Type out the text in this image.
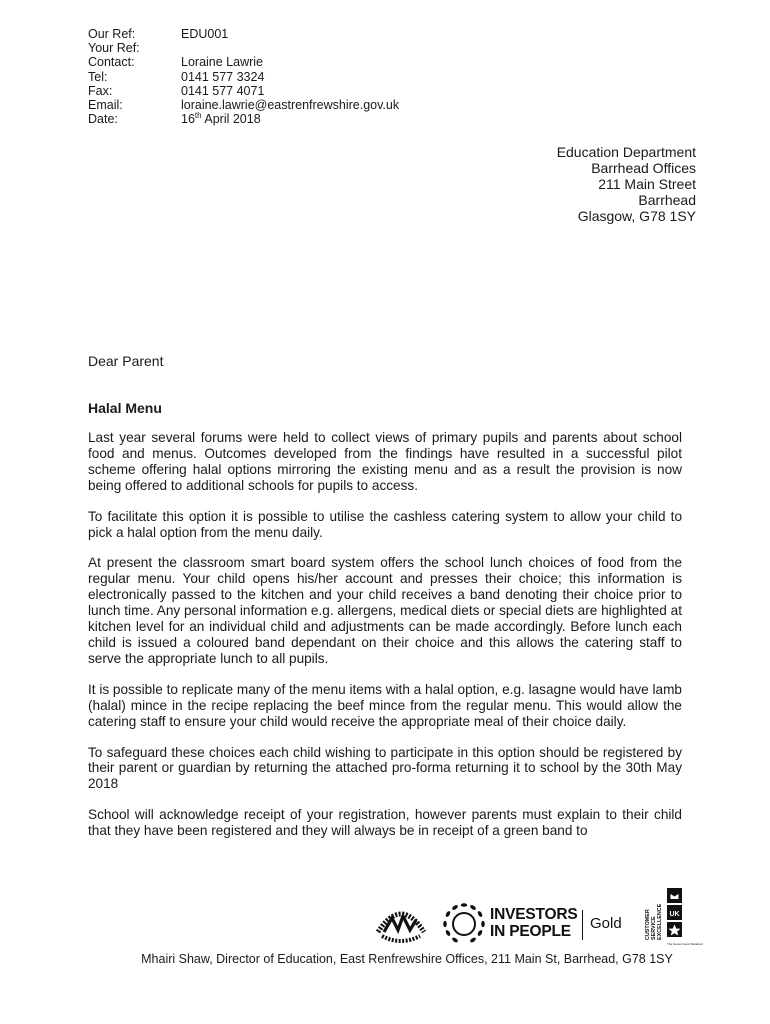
Our Ref:	EDU001
Your Ref:
Contact:	Loraine Lawrie
Tel:	0141 577 3324
Fax:	0141 577 4071
Email:	loraine.lawrie@eastrenfrewshire.gov.uk
Date:	16th April 2018
Education Department
Barrhead Offices
211 Main Street
Barrhead
Glasgow, G78 1SY
Dear Parent
Halal Menu

Last year several forums were held to collect views of primary pupils and parents about school food and menus. Outcomes developed from the findings have resulted in a successful pilot scheme offering halal options mirroring the existing menu and as a result the provision is now being offered to additional schools for pupils to access.

To facilitate this option it is possible to utilise the cashless catering system to allow your child to pick a halal option from the menu daily.

At present the classroom smart board system offers the school lunch choices of food from the regular menu. Your child opens his/her account and presses their choice; this information is electronically passed to the kitchen and your child receives a band denoting their choice prior to lunch time. Any personal information e.g. allergens, medical diets or special diets are highlighted at kitchen level for an individual child and adjustments can be made accordingly. Before lunch each child is issued a coloured band dependant on their choice and this allows the catering staff to serve the appropriate lunch to all pupils.

It is possible to replicate many of the menu items with a halal option, e.g. lasagne would have lamb (halal) mince in the recipe replacing the beef mince from the regular menu. This would allow the catering staff to ensure your child would receive the appropriate meal of their choice daily.

To safeguard these choices each child wishing to participate in this option should be registered by their parent or guardian by returning the attached pro-forma returning it to school by the 30th May 2018

School will acknowledge receipt of your registration, however parents must explain to their child that they have been registered and they will always be in receipt of a green band to

INVESTORS
IN PEOPLE	Gold	CUSTOMER SERVICE EXCELLENCE UK
The Government Standard
Mhairi Shaw, Director of Education, East Renfrewshire Offices, 211 Main St, Barrhead, G78 1SY
